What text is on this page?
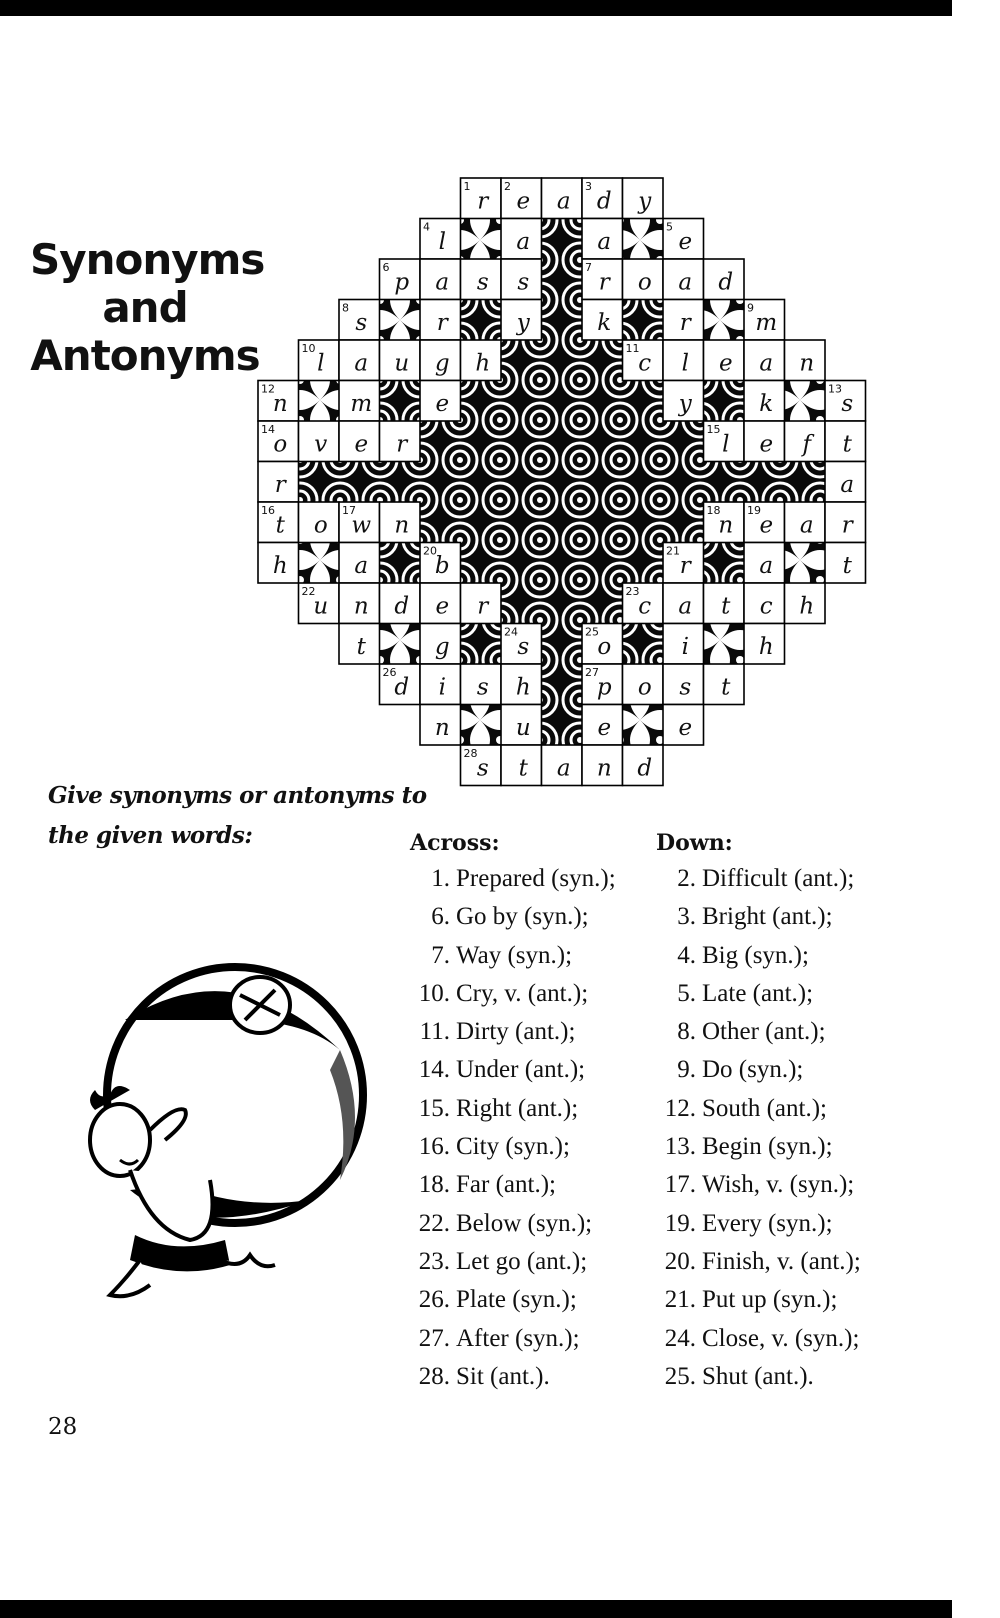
Synonyms
and
Antonyms
r
1
e
2
a d
3
y
l
4
a	a	e
5
p
6
a s s	r
7
o a d
s
8
r	y	k	r	m
9
l
10
a u g h	c
11
l e a n
n
12
m	e	y	k	s
13
o
14
v e r	l
15
e f t
r	a
t
16
o w
17
n	n
18
e
19
a r
h	a	b
20
r
21
a	t
u
22
n d e r	c
23
a t c h
t	g	s
24
o
25
i	h
d
26
i s h	p
27
o s t
n	u	e	e
s
28
t a n d
Give synonyms or antonyms to
the given words:	Across:
1. Prepared (syn.);
6. Go by (syn.);
7. Way (syn.);
10. Cry, v. (ant.);
11. Dirty (ant.);
14. Under (ant.);
15. Right (ant.);
16. City (syn.);
18. Far (ant.);
22. Below (syn.);
23. Let go (ant.);
26. Plate (syn.);
27. After (syn.);
28. Sit (ant.).
Down:
2. Difficult (ant.);
3. Bright (ant.);
4. Big (syn.);
5. Late (ant.);
8. Other (ant.);
9. Do (syn.);
12. South (ant.);
13. Begin (syn.);
17. Wish, v. (syn.);
19. Every (syn.);
20. Finish, v. (ant.);
21. Put up (syn.);
24. Close, v. (syn.);
25. Shut (ant.).
28
